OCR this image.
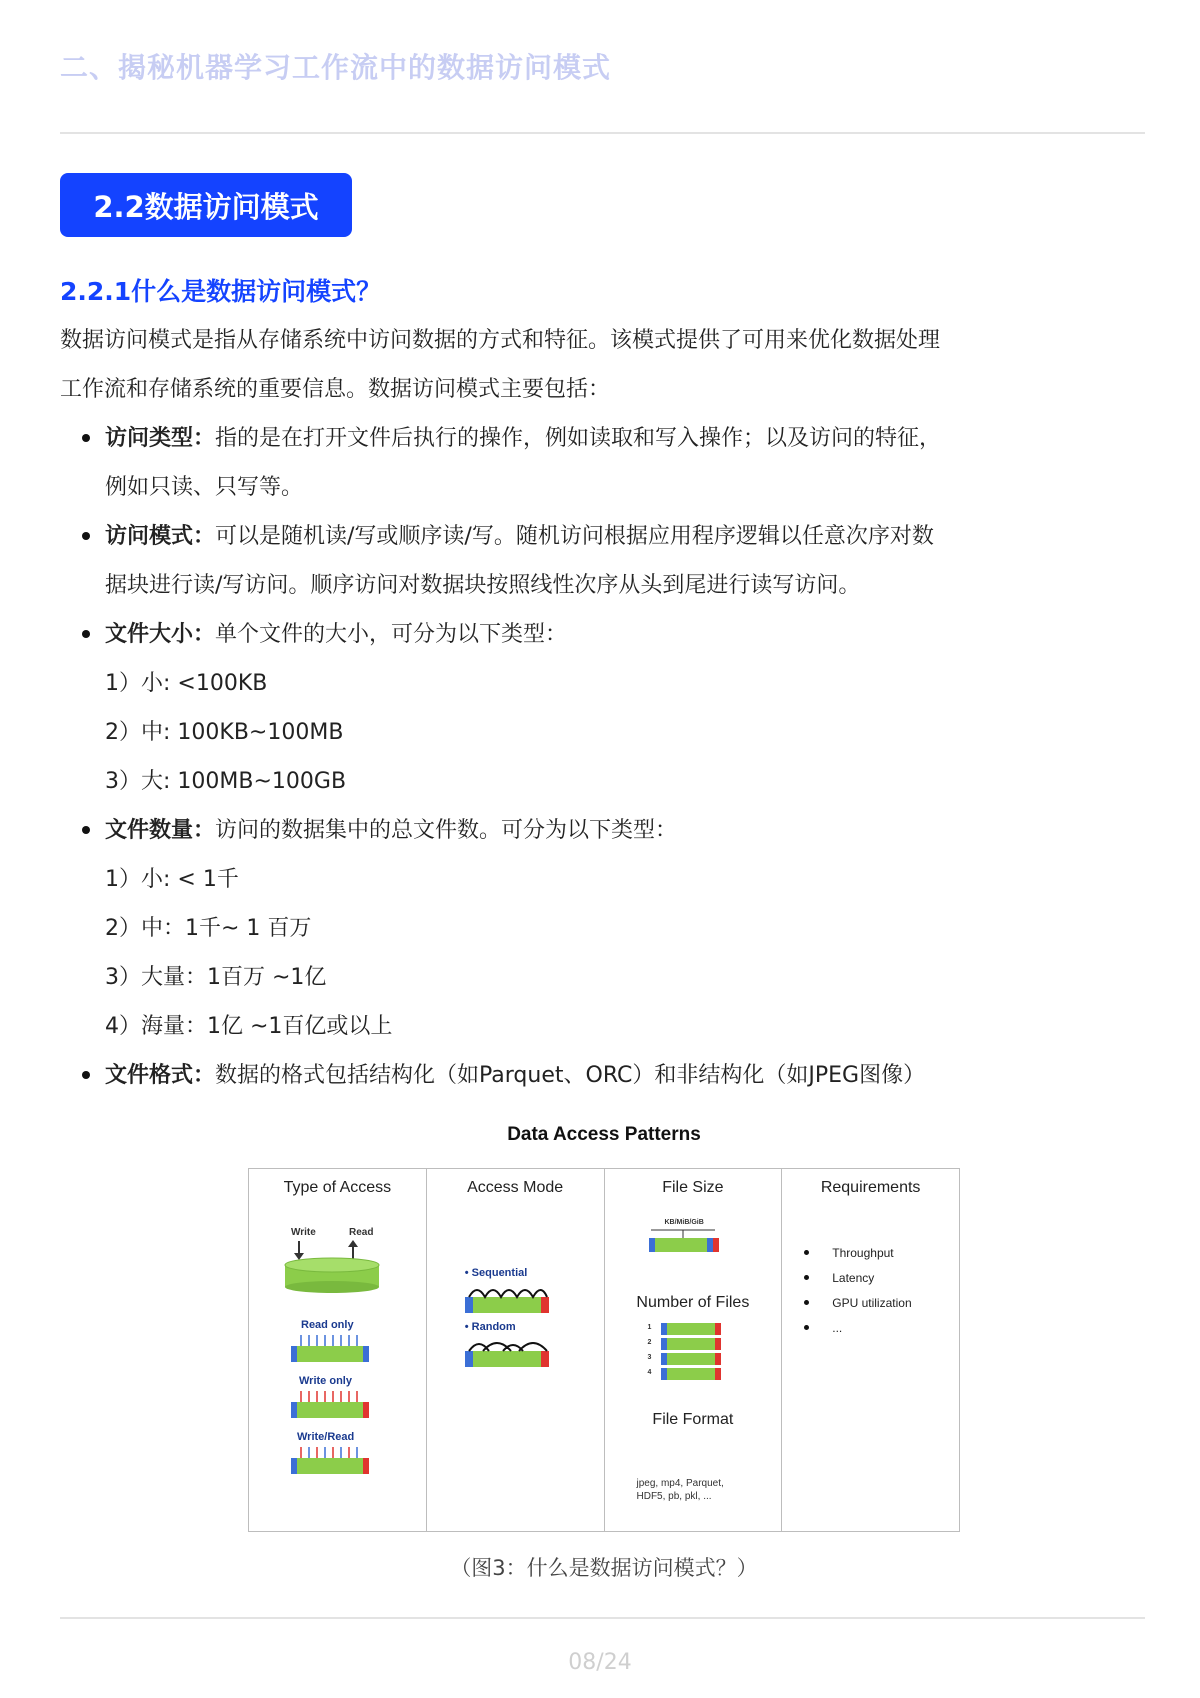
二、揭秘机器学习工作流中的数据访问模式
2.2数据访问模式
2.2.1什么是数据访问模式？

数据访问模式是指从存储系统中访问数据的方式和特征。该模式提供了可用来优化数据处理

工作流和存储系统的重要信息。数据访问模式主要包括：

访问类型：指的是在打开文件后执行的操作，例如读取和写入操作；以及访问的特征，
例如只读、只写等。
访问模式：可以是随机读/写或顺序读/写。随机访问根据应用程序逻辑以任意次序对数
据块进行读/写访问。顺序访问对数据块按照线性次序从头到尾进行读写访问。
文件大小：单个文件的大小，可分为以下类型：

1）小: <100KB

2）中: 100KB~100MB

3）大: 100MB~100GB

文件数量：访问的数据集中的总文件数。可分为以下类型：

1）小: < 1千

2）中：1千~ 1 百万

3）大量：1百万 ~1亿

4）海量：1亿 ~1百亿或以上

文件格式：数据的格式包括结构化（如Parquet、ORC）和非结构化（如JPEG图像）
Data Access Patterns
Type of Access
Write	Read
Read only
Write only
Write/Read
Access Mode
• Sequential
• Random
File Size
KB/MiB/GiB
Number of Files
1
2
3
4
File Format
jpeg, mp4, Parquet,
HDF5, pb, pkl, ...
Requirements
Throughput
Latency
GPU utilization
...
（图3：什么是数据访问模式？）
08/24
